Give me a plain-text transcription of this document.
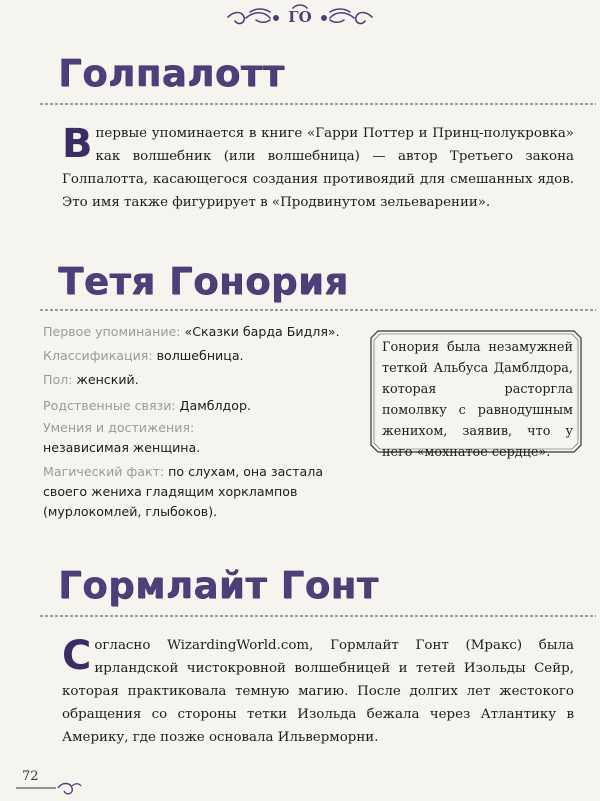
ГО
Голпалотт
Впервые упоминается в книге «Гарри Поттер и Принц-полукровка» как волшебник (или волшебница) — автор Третьего закона Голпалотта, касающегося создания противоядий для смешанных ядов. Это имя также фигурирует в «Продвинутом зельеварении».
Тетя Гонория
Первое упоминание: «Сказки барда Бидля».
Классификация: волшебница.
Пол: женский.
Родственные связи: Дамблдор.
Умения и достижения: независимая женщина.
Магический факт: по слухам, она застала своего жениха гладящим хорклампов (мурлокомлей, глыбоков).
Гонория была незамужней теткой Альбуса Дамблдора, которая расторгла помолвку с равнодушным женихом, заявив, что у него «мохнатое сердце».
Гормлайт Гонт
Согласно WizardingWorld.com, Гормлайт Гонт (Мракс) была ирландской чистокровной волшебницей и тетей Изольды Сейр, которая практиковала темную магию. После долгих лет жестокого обращения со стороны тетки Изольда бежала через Атлантику в Америку, где позже основала Ильверморни.
72
